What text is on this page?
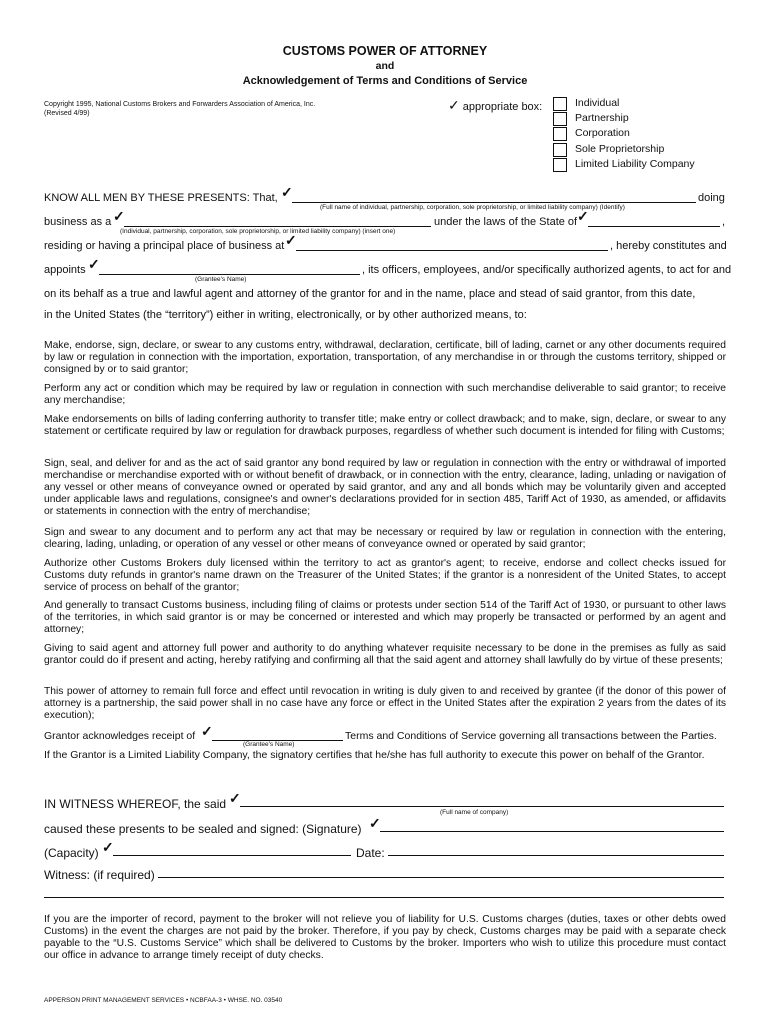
CUSTOMS POWER OF ATTORNEY
and
Acknowledgement of Terms and Conditions of Service
Copyright 1995, National Customs Brokers and Forwarders Association of America, Inc.
(Revised 4/99)
✓ appropriate box:	Individual
Partnership
Corporation
Sole Proprietorship
Limited Liability Company
KNOW ALL MEN BY THESE PRESENTS: That, ✓	doing
(Full name of individual, partnership, corporation, sole proprietorship, or limited liability company) (Identify)
business as a ✓
(Individual, partnership, corporation, sole proprietorship, or limited liability company) (insert one)
under the laws of the State of ✓	,
residing or having a principal place of business at ✓	, hereby constitutes and
appoints ✓
(Grantee's Name)
, its officers, employees, and/or specifically authorized agents, to act for and
on its behalf as a true and lawful agent and attorney of the grantor for and in the name, place and stead of said grantor, from this date,
in the United States (the “territory”) either in writing, electronically, or by other authorized means, to:
Make, endorse, sign, declare, or swear to any customs entry, withdrawal, declaration, certificate, bill of lading, carnet or any other documents required by law or regulation in connection with the importation, exportation, transportation, of any merchandise in or through the customs territory, shipped or consigned by or to said grantor;
Perform any act or condition which may be required by law or regulation in connection with such merchandise deliverable to said grantor; to receive any merchandise;
Make endorsements on bills of lading conferring authority to transfer title; make entry or collect drawback; and to make, sign, declare, or swear to any statement or certificate required by law or regulation for drawback purposes, regardless of whether such document is intended for filing with Customs;
Sign, seal, and deliver for and as the act of said grantor any bond required by law or regulation in connection with the entry or withdrawal of imported merchandise or merchandise exported with or without benefit of drawback, or in connection with the entry, clearance, lading, unlading or navigation of any vessel or other means of conveyance owned or operated by said grantor, and any and all bonds which may be voluntarily given and accepted under applicable laws and regulations, consignee's and owner's declarations provided for in section 485, Tariff Act of 1930, as amended, or affidavits or statements in connection with the entry of merchandise;
Sign and swear to any document and to perform any act that may be necessary or required by law or regulation in connection with the entering, clearing, lading, unlading, or operation of any vessel or other means of conveyance owned or operated by said grantor;
Authorize other Customs Brokers duly licensed within the territory to act as grantor's agent; to receive, endorse and collect checks issued for Customs duty refunds in grantor's name drawn on the Treasurer of the United States; if the grantor is a nonresident of the United States, to accept service of process on behalf of the grantor;
And generally to transact Customs business, including filing of claims or protests under section 514 of the Tariff Act of 1930, or pursuant to other laws of the territories, in which said grantor is or may be concerned or interested and which may properly be transacted or performed by an agent and attorney;
Giving to said agent and attorney full power and authority to do anything whatever requisite necessary to be done in the premises as fully as said grantor could do if present and acting, hereby ratifying and confirming all that the said agent and attorney shall lawfully do by virtue of these presents;
This power of attorney to remain full force and effect until revocation in writing is duly given to and received by grantee (if the donor of this power of attorney is a partnership, the said power shall in no case have any force or effect in the United States after the expiration 2 years from the dates of its execution);
Grantor acknowledges receipt of ✓
(Grantee's Name)
Terms and Conditions of Service governing all transactions between the Parties.
If the Grantor is a Limited Liability Company, the signatory certifies that he/she has full authority to execute this power on behalf of the Grantor.
IN WITNESS WHEREOF, the said ✓
(Full name of company)
caused these presents to be sealed and signed: (Signature) ✓
(Capacity) ✓	Date:
Witness: (if required)
If you are the importer of record, payment to the broker will not relieve you of liability for U.S. Customs charges (duties, taxes or other debts owed Customs) in the event the charges are not paid by the broker. Therefore, if you pay by check, Customs charges may be paid with a separate check payable to the “U.S. Customs Service” which shall be delivered to Customs by the broker. Importers who wish to utilize this procedure must contact our office in advance to arrange timely receipt of duty checks.
APPERSON PRINT MANAGEMENT SERVICES • NCBFAA-3 • WHSE. NO. 03540
